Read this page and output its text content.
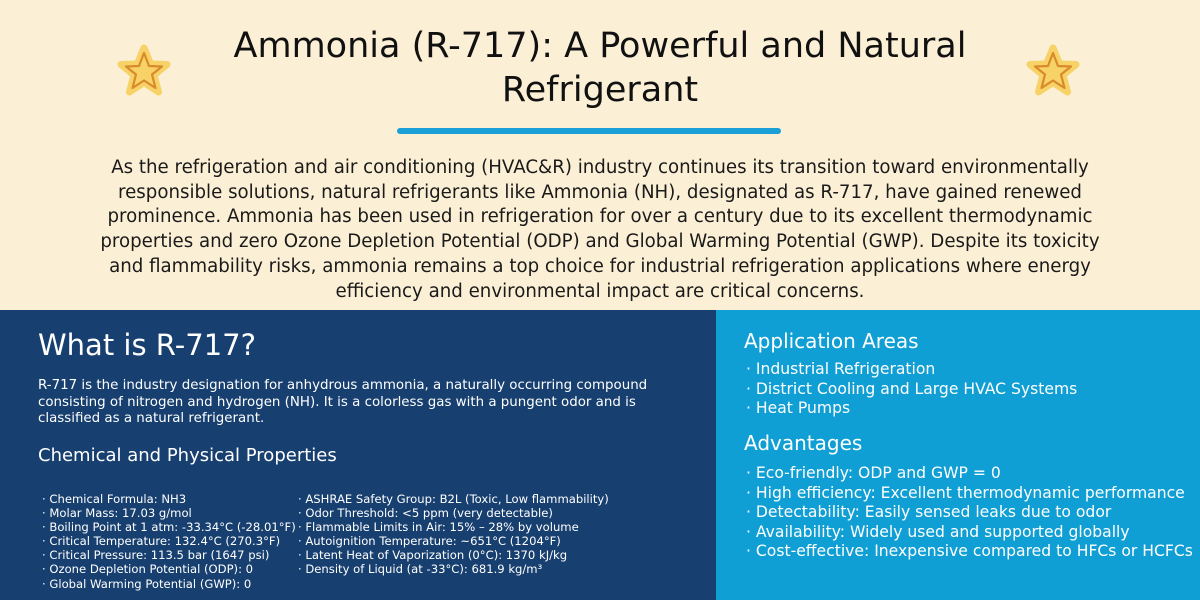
Ammonia (R-717): A Powerful and Natural Refrigerant

As the refrigeration and air conditioning (HVAC&R) industry continues its transition toward environmentally responsible solutions, natural refrigerants like Ammonia (NH), designated as R-717, have gained renewed prominence. Ammonia has been used in refrigeration for over a century due to its excellent thermodynamic properties and zero Ozone Depletion Potential (ODP) and Global Warming Potential (GWP). Despite its toxicity and flammability risks, ammonia remains a top choice for industrial refrigeration applications where energy efficiency and environmental impact are critical concerns.

What is R-717?

R-717 is the industry designation for anhydrous ammonia, a naturally occurring compound consisting of nitrogen and hydrogen (NH). It is a colorless gas with a pungent odor and is classified as a natural refrigerant.

Chemical and Physical Properties
· Chemical Formula: NH3
· Molar Mass: 17.03 g/mol
· Boiling Point at 1 atm: -33.34°C (-28.01°F)
· Critical Temperature: 132.4°C (270.3°F)
· Critical Pressure: 113.5 bar (1647 psi)
· Ozone Depletion Potential (ODP): 0
· Global Warming Potential (GWP): 0
· ASHRAE Safety Group: B2L (Toxic, Low flammability)
· Odor Threshold: <5 ppm (very detectable)
· Flammable Limits in Air: 15% – 28% by volume
· Autoignition Temperature: ~651°C (1204°F)
· Latent Heat of Vaporization (0°C): 1370 kJ/kg
· Density of Liquid (at -33°C): 681.9 kg/m³
Application Areas
· Industrial Refrigeration
· District Cooling and Large HVAC Systems
· Heat Pumps
Advantages
· Eco-friendly: ODP and GWP = 0
· High efficiency: Excellent thermodynamic performance
· Detectability: Easily sensed leaks due to odor
· Availability: Widely used and supported globally
· Cost-effective: Inexpensive compared to HFCs or HCFCs
